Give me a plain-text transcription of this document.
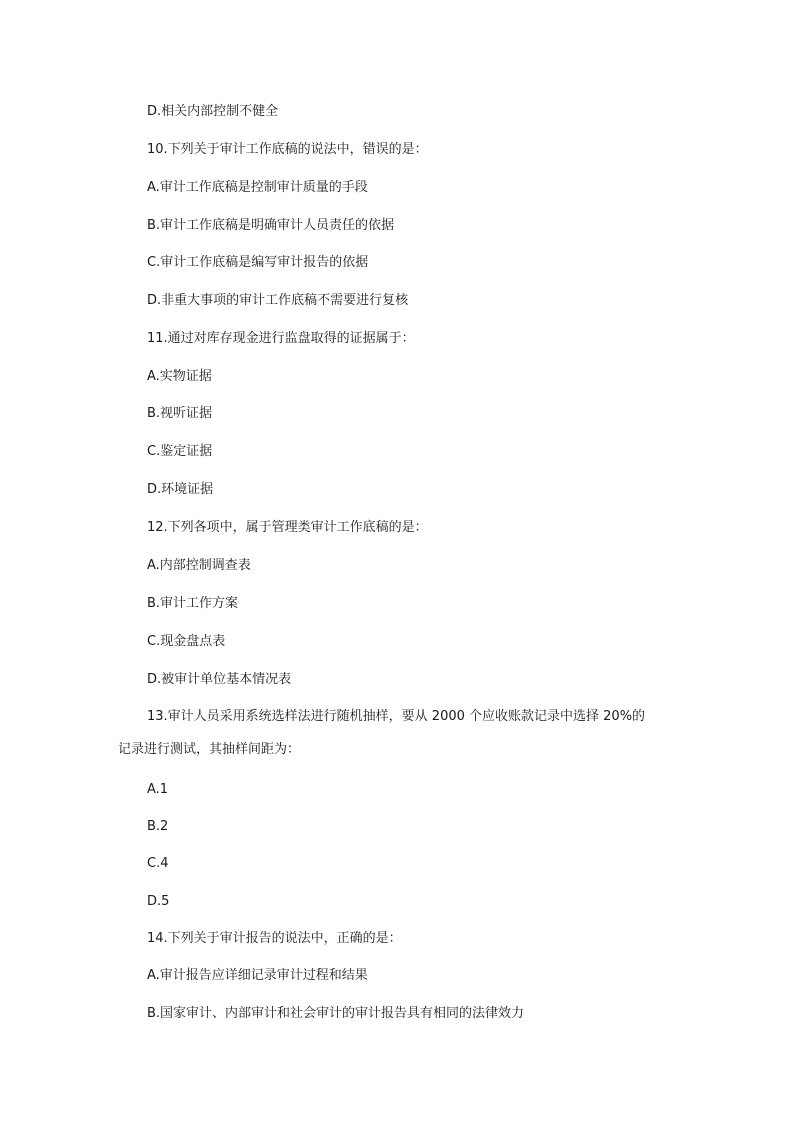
D.相关内部控制不健全
10.下列关于审计工作底稿的说法中，错误的是：
A.审计工作底稿是控制审计质量的手段
B.审计工作底稿是明确审计人员责任的依据
C.审计工作底稿是编写审计报告的依据
D.非重大事项的审计工作底稿不需要进行复核
11.通过对库存现金进行监盘取得的证据属于：
A.实物证据
B.视听证据
C.鉴定证据
D.环境证据
12.下列各项中，属于管理类审计工作底稿的是：
A.内部控制调查表
B.审计工作方案
C.现金盘点表
D.被审计单位基本情况表
13.审计人员采用系统选样法进行随机抽样，要从 2000 个应收账款记录中选择 20%的
记录进行测试，其抽样间距为：
A.1
B.2
C.4
D.5
14.下列关于审计报告的说法中，正确的是：
A.审计报告应详细记录审计过程和结果
B.国家审计、内部审计和社会审计的审计报告具有相同的法律效力
